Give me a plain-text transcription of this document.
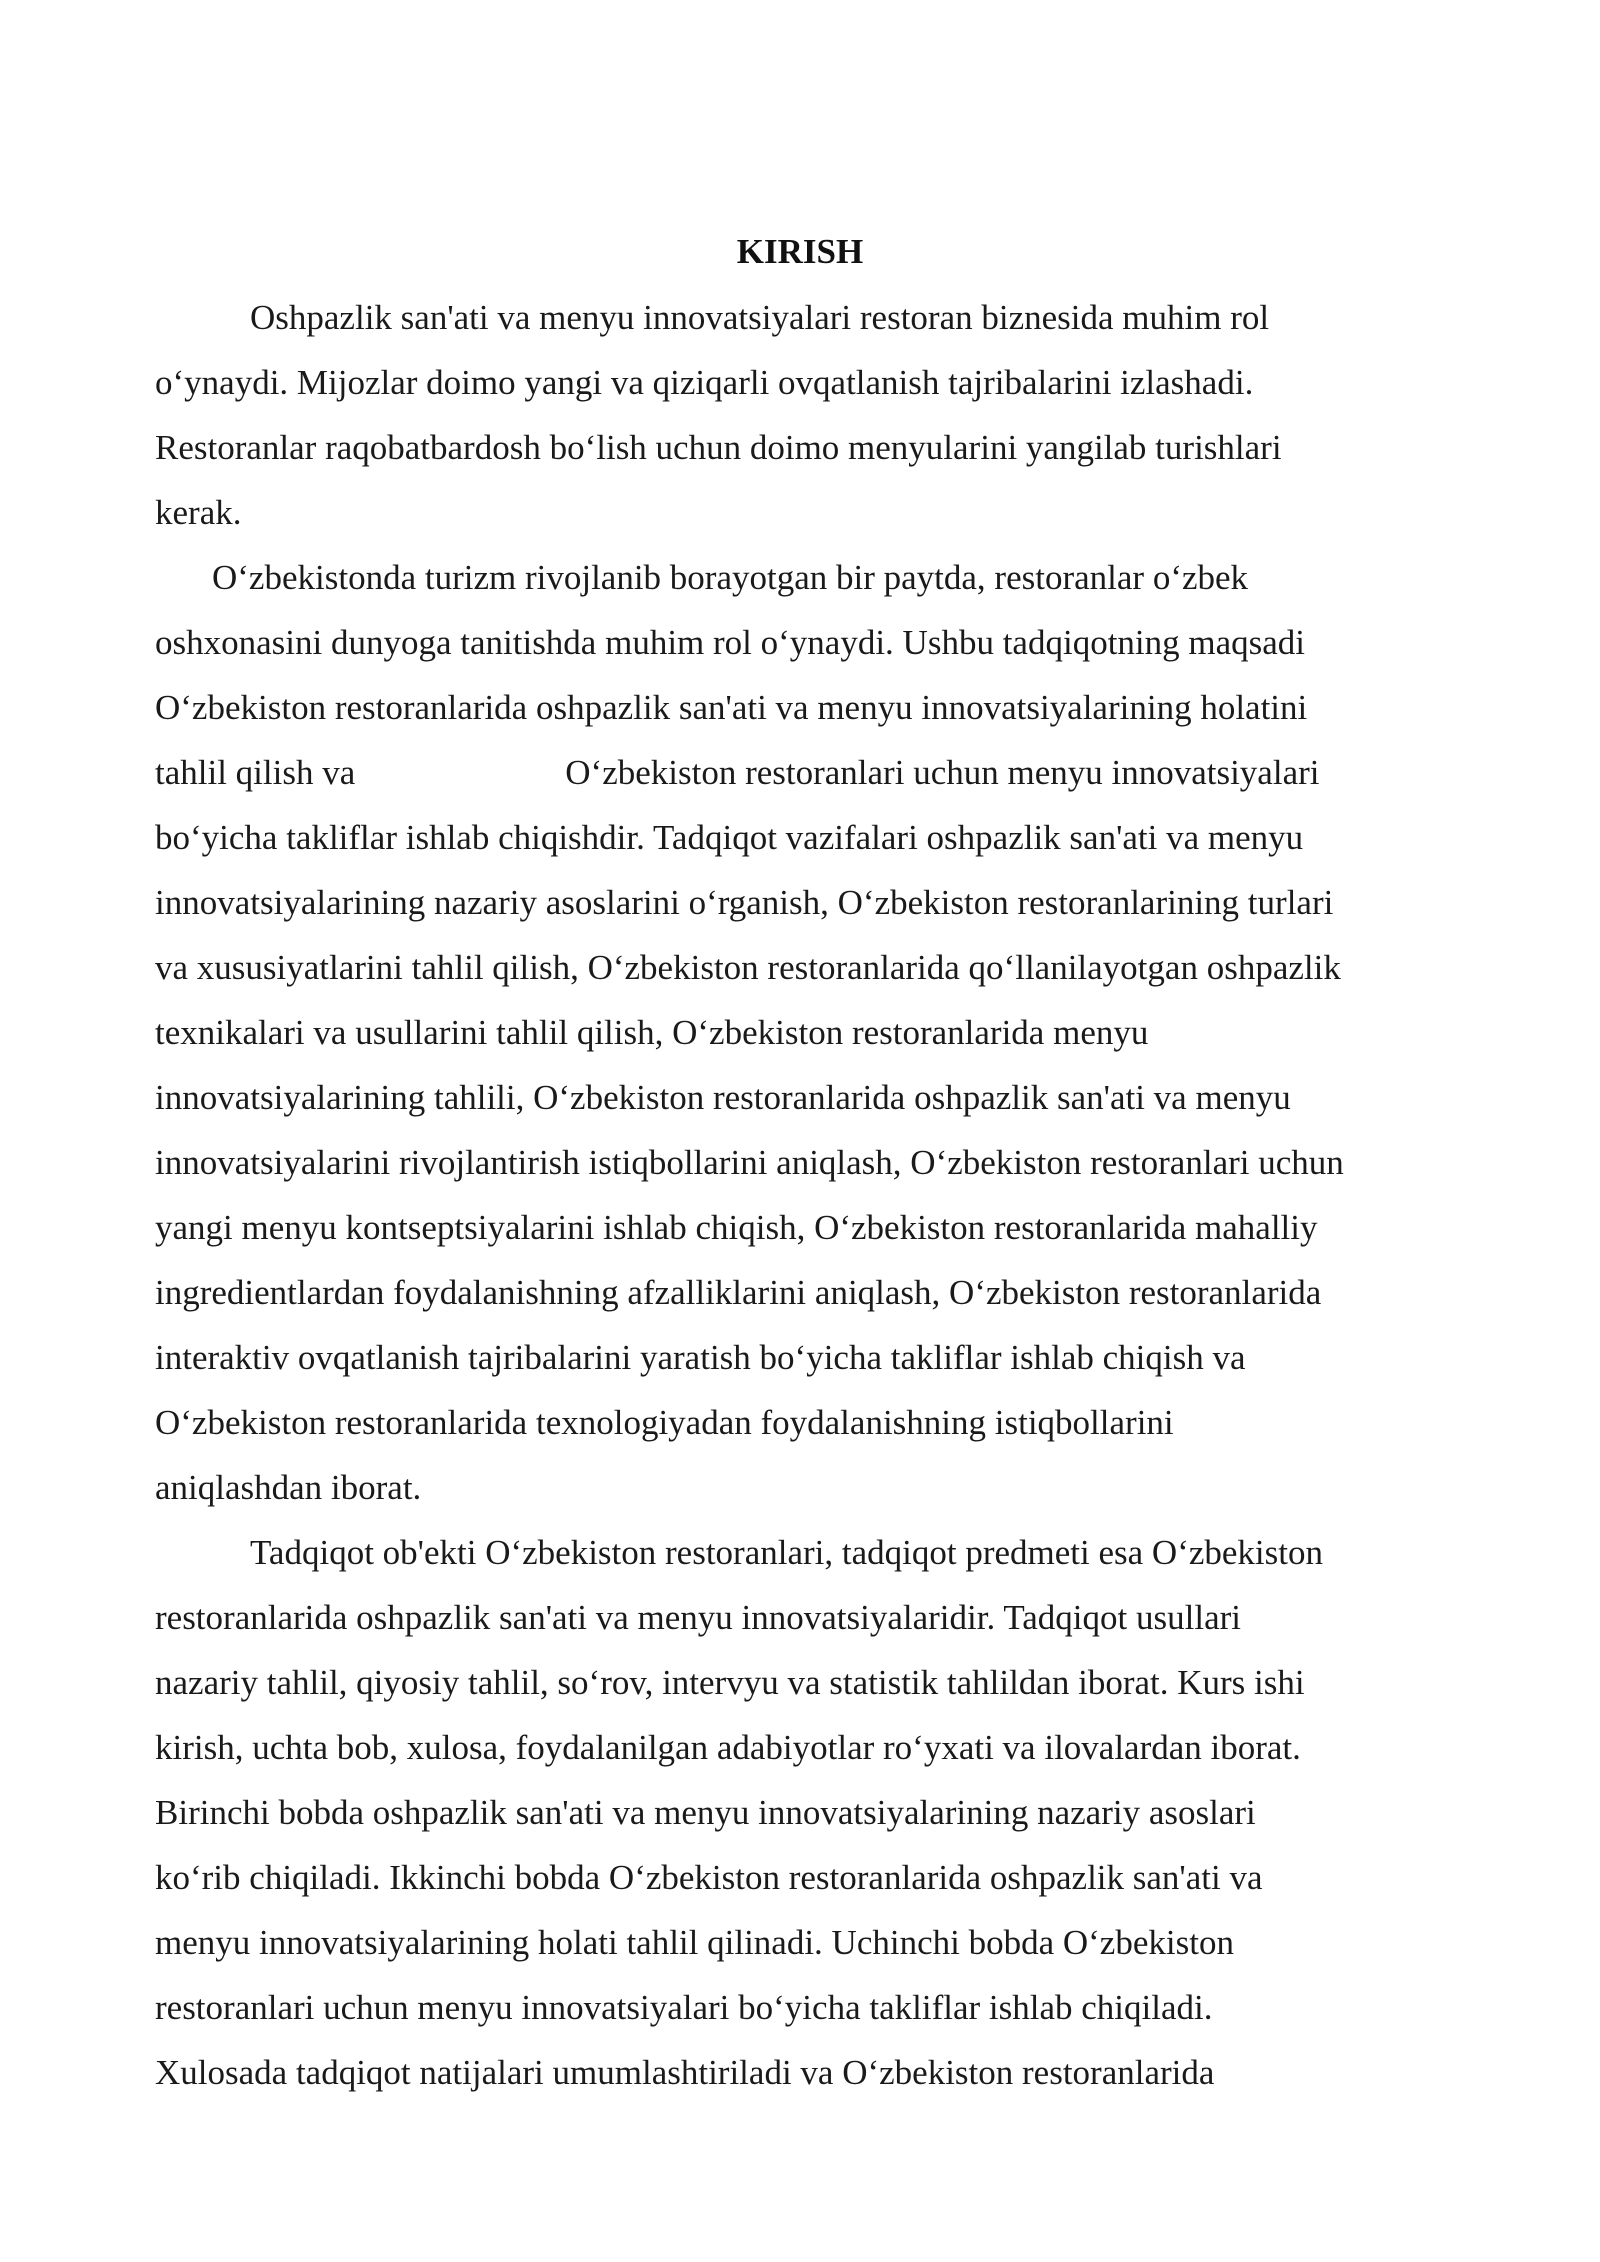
KIRISH
Oshpazlik san'ati va menyu innovatsiyalari restoran biznesida muhim rol
o‘ynaydi. Mijozlar doimo yangi va qiziqarli ovqatlanish tajribalarini izlashadi.
Restoranlar raqobatbardosh bo‘lish uchun doimo menyularini yangilab turishlari
kerak.
O‘zbekistonda turizm rivojlanib borayotgan bir paytda, restoranlar o‘zbek
oshxonasini dunyoga tanitishda muhim rol o‘ynaydi. Ushbu tadqiqotning maqsadi
O‘zbekiston restoranlarida oshpazlik san'ati va menyu innovatsiyalarining holatini
tahlil qilish va                        O‘zbekiston restoranlari uchun menyu innovatsiyalari
bo‘yicha takliflar ishlab chiqishdir. Tadqiqot vazifalari oshpazlik san'ati va menyu
innovatsiyalarining nazariy asoslarini o‘rganish, O‘zbekiston restoranlarining turlari
va xususiyatlarini tahlil qilish, O‘zbekiston restoranlarida qo‘llanilayotgan oshpazlik
texnikalari va usullarini tahlil qilish, O‘zbekiston restoranlarida menyu
innovatsiyalarining tahlili, O‘zbekiston restoranlarida oshpazlik san'ati va menyu
innovatsiyalarini rivojlantirish istiqbollarini aniqlash, O‘zbekiston restoranlari uchun
yangi menyu kontseptsiyalarini ishlab chiqish, O‘zbekiston restoranlarida mahalliy
ingredientlardan foydalanishning afzalliklarini aniqlash, O‘zbekiston restoranlarida
interaktiv ovqatlanish tajribalarini yaratish bo‘yicha takliflar ishlab chiqish va
O‘zbekiston restoranlarida texnologiyadan foydalanishning istiqbollarini
aniqlashdan iborat.
Tadqiqot ob'ekti O‘zbekiston restoranlari, tadqiqot predmeti esa O‘zbekiston
restoranlarida oshpazlik san'ati va menyu innovatsiyalaridir. Tadqiqot usullari
nazariy tahlil, qiyosiy tahlil, so‘rov, intervyu va statistik tahlildan iborat. Kurs ishi
kirish, uchta bob, xulosa, foydalanilgan adabiyotlar ro‘yxati va ilovalardan iborat.
Birinchi bobda oshpazlik san'ati va menyu innovatsiyalarining nazariy asoslari
ko‘rib chiqiladi. Ikkinchi bobda O‘zbekiston restoranlarida oshpazlik san'ati va
menyu innovatsiyalarining holati tahlil qilinadi. Uchinchi bobda O‘zbekiston
restoranlari uchun menyu innovatsiyalari bo‘yicha takliflar ishlab chiqiladi.
Xulosada tadqiqot natijalari umumlashtiriladi va O‘zbekiston restoranlarida
